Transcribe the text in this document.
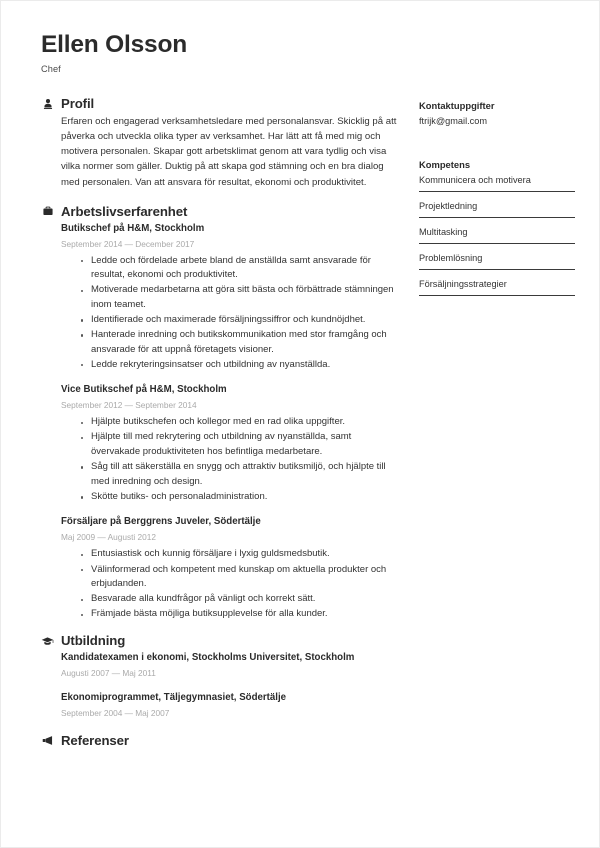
Ellen Olsson
Chef
Profil

Erfaren och engagerad verksamhetsledare med personalansvar. Skicklig på att påverka och utveckla olika typer av verksamhet. Har lätt att få med mig och motivera personalen. Skapar gott arbetsklimat genom att vara tydlig och visa vilka normer som gäller. Duktig på att skapa god stämning och en bra dialog med personalen. Van att ansvara för resultat, ekonomi och produktivitet.

Arbetslivserfarenhet
Butikschef på H&M, Stockholm
September 2014 — December 2017
Ledde och fördelade arbete bland de anställda samt ansvarade för resultat, ekonomi och produktivitet.
Motiverade medarbetarna att göra sitt bästa och förbättrade stämningen inom teamet.
Identifierade och maximerade försäljningssiffror och kundnöjdhet.
Hanterade inredning och butikskommunikation med stor framgång och ansvarade för att uppnå företagets visioner.
Ledde rekryteringsinsatser och utbildning av nyanställda.
Vice Butikschef på H&M, Stockholm
September 2012 — September 2014
Hjälpte butikschefen och kollegor med en rad olika uppgifter.
Hjälpte till med rekrytering och utbildning av nyanställda, samt övervakade produktiviteten hos befintliga medarbetare.
Såg till att säkerställa en snygg och attraktiv butiksmiljö, och hjälpte till med inredning och design.
Skötte butiks- och personaladministration.
Försäljare på Berggrens Juveler, Södertälje
Maj 2009 — Augusti 2012
Entusiastisk och kunnig försäljare i lyxig guldsmedsbutik.
Välinformerad och kompetent med kunskap om aktuella produkter och erbjudanden.
Besvarade alla kundfrågor på vänligt och korrekt sätt.
Främjade bästa möjliga butiksupplevelse för alla kunder.
Utbildning
Kandidatexamen i ekonomi, Stockholms Universitet, Stockholm
Augusti 2007 — Maj 2011
Ekonomiprogrammet, Täljegymnasiet, Södertälje
September 2004 — Maj 2007
Referenser
Kontaktuppgifter
ftrijk@gmail.com
Kompetens
Kommunicera och motivera
Projektledning
Multitasking
Problemlösning
Försäljningsstrategier
